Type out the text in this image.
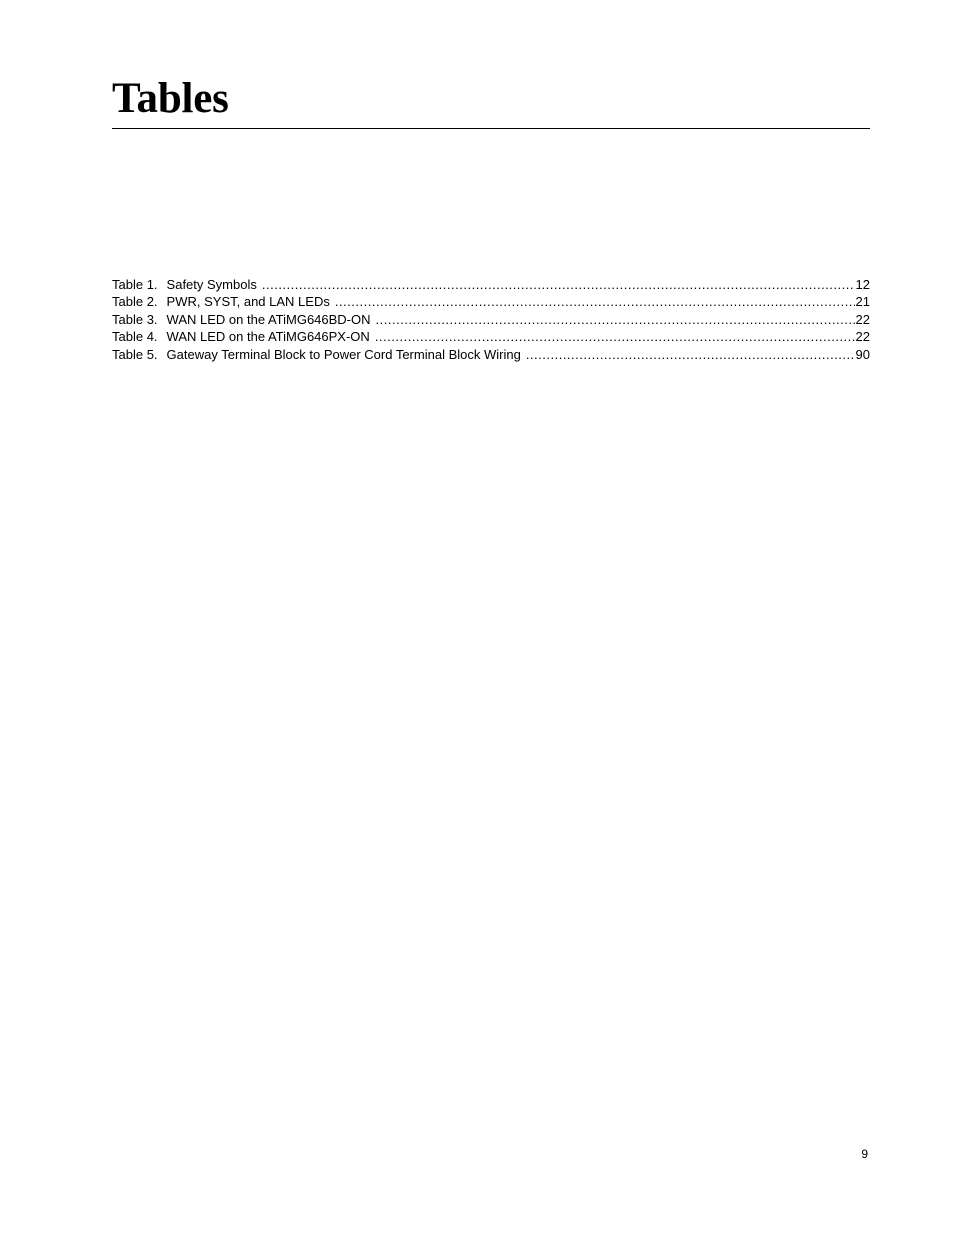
Tables
Table 1. Safety Symbols .....	12
Table 2. PWR, SYST, and LAN LEDs .....	21
Table 3. WAN LED on the ATiMG646BD-ON .....	22
Table 4. WAN LED on the ATiMG646PX-ON .....	22
Table 5. Gateway Terminal Block to Power Cord Terminal Block Wiring .....	90
9
